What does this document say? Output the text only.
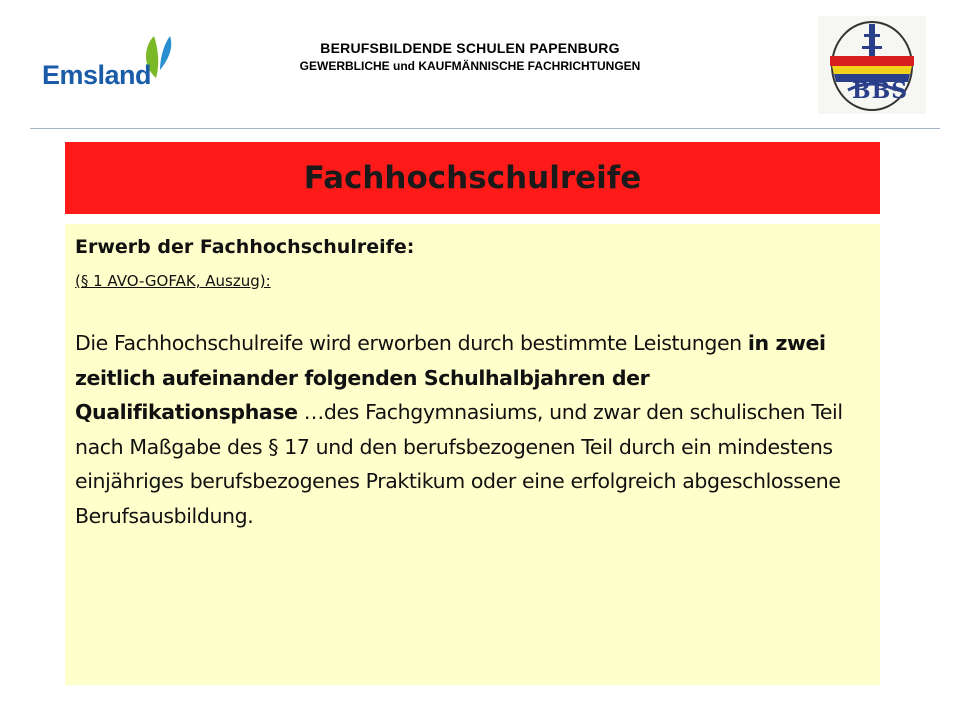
Emsland
BERUFSBILDENDE SCHULEN PAPENBURG
GEWERBLICHE und KAUFMÄNNISCHE FACHRICHTUNGEN
BBS
Fachhochschulreife
Erwerb der Fachhochschulreife:
(§ 1 AVO-GOFAK, Auszug):
Die Fachhochschulreife wird erworben durch bestimmte Leistungen in zwei zeitlich aufeinander folgenden Schulhalbjahren der Qualifikationsphase …des Fachgymnasiums, und zwar den schulischen Teil nach Maßgabe des § 17 und den berufsbezogenen Teil durch ein mindestens einjähriges berufsbezogenes Praktikum oder eine erfolgreich abgeschlossene Berufsausbildung.
